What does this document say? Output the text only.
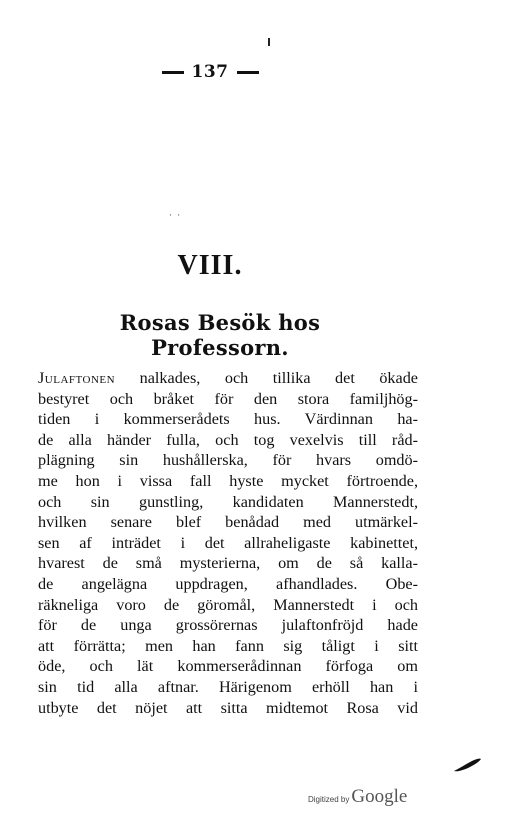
137
˙ ˙
VIII.
Rosas Besök hos Professorn.
Julaftonen nalkades, och tillika det ökade
bestyret och bråket för den stora familjhög-
tiden i kommerserådets hus. Värdinnan ha-
de alla händer fulla, och tog vexelvis till råd-
plägning sin hushållerska, för hvars omdö-
me hon i vissa fall hyste mycket förtroende,
och sin gunstling, kandidaten Mannerstedt,
hvilken senare blef benådad med utmärkel-
sen af inträdet i det allraheligaste kabinettet,
hvarest de små mysterierna, om de så kalla-
de angelägna uppdragen, afhandlades. Obe-
räkneliga voro de göromål, Mannerstedt i och
för de unga grossörernas julaftonfröjd hade
att förrätta; men han fann sig tåligt i sitt
öde, och lät kommerserådinnan förfoga om
sin tid alla aftnar. Härigenom erhöll han i
utbyte det nöjet att sitta midtemot Rosa vid
Digitized by Google
